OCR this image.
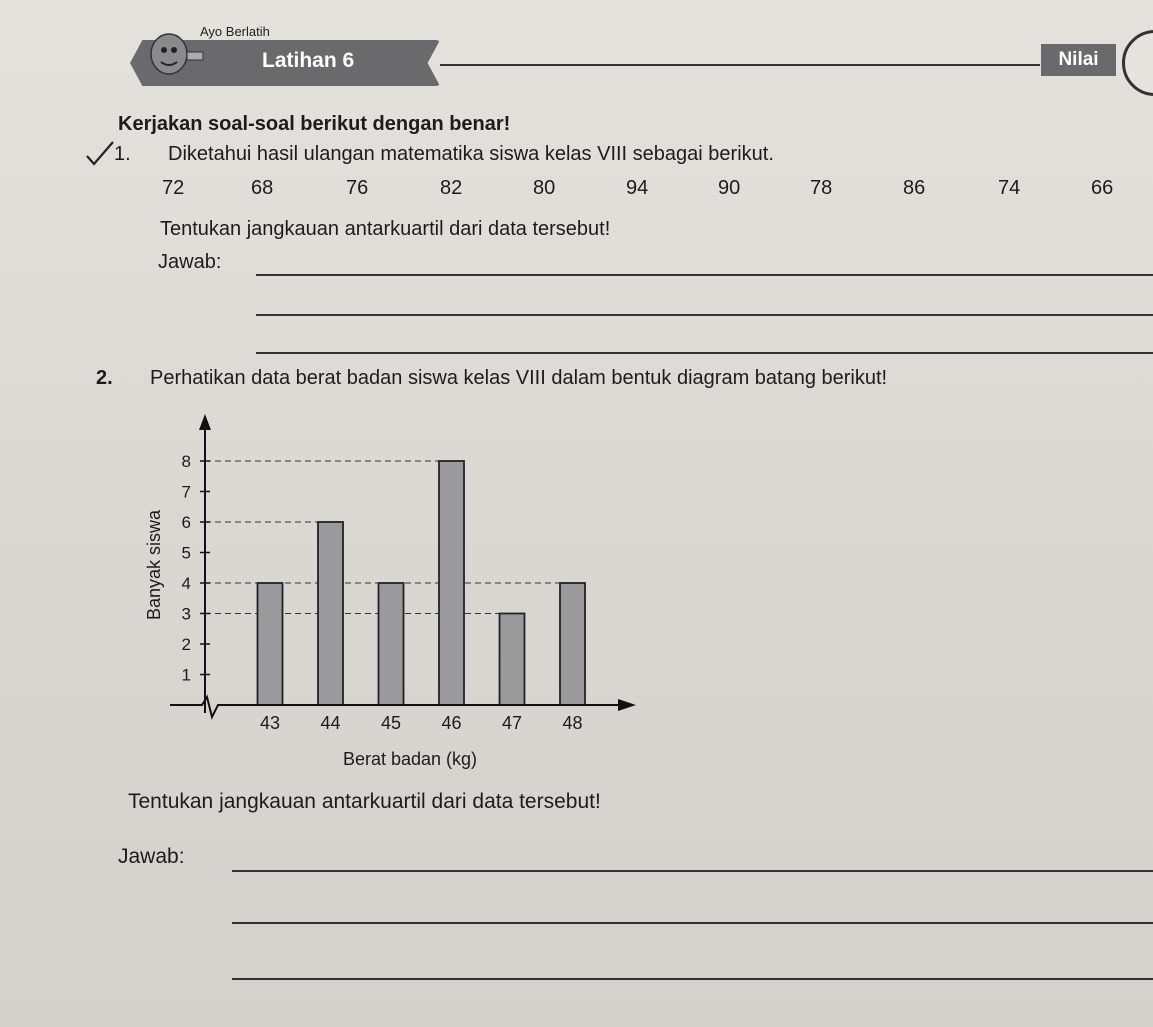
Ayo Berlatih
Latihan 6	Nilai
Kerjakan soal-soal berikut dengan benar!
1. Diketahui hasil ulangan matematika siswa kelas VIII sebagai berikut.
72	68	76	82	80	94	90	78	86	74	66
Tentukan jangkauan antarkuartil dari data tersebut!
Jawab:
2. Perhatikan data berat badan siswa kelas VIII dalam bentuk diagram batang berikut!
1
2
3
4
5
6
7
8
43 44 45 46 47 48
Berat badan (kg)
Banyak siswa
Tentukan jangkauan antarkuartil dari data tersebut!
Jawab:
